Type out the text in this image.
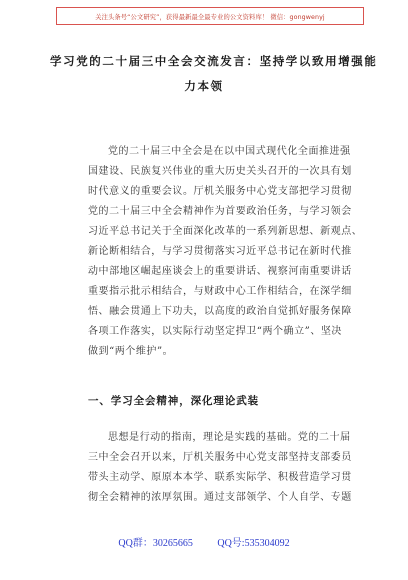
关注头条号“公文研究”，获得最新最全最专业的公文资料库！ 微信：gongwenyj
学习党的二十届三中全会交流发言：坚持学以致用增强能
力本领
党的二十届三中全会是在以中国式现代化全面推进强
国建设、民族复兴伟业的重大历史关头召开的一次具有划
时代意义的重要会议。厅机关服务中心党支部把学习贯彻
党的二十届三中全会精神作为首要政治任务，与学习领会
习近平总书记关于全面深化改革的一系列新思想、新观点、
新论断相结合，与学习贯彻落实习近平总书记在新时代推
动中部地区崛起座谈会上的重要讲话、视察河南重要讲话
重要指示批示相结合，与财政中心工作相结合，在深学细
悟、融会贯通上下功夫，以高度的政治自觉抓好服务保障
各项工作落实，以实际行动坚定捍卫“两个确立”、坚决
做到“两个维护”。
一、学习全会精神，深化理论武装
思想是行动的指南，理论是实践的基础。党的二十届
三中全会召开以来，厅机关服务中心党支部坚持支部委员
带头主动学、原原本本学、联系实际学、积极营造学习贯
彻全会精神的浓厚氛围。通过支部领学、个人自学、专题
QQ群：30265665 QQ号:535304092
